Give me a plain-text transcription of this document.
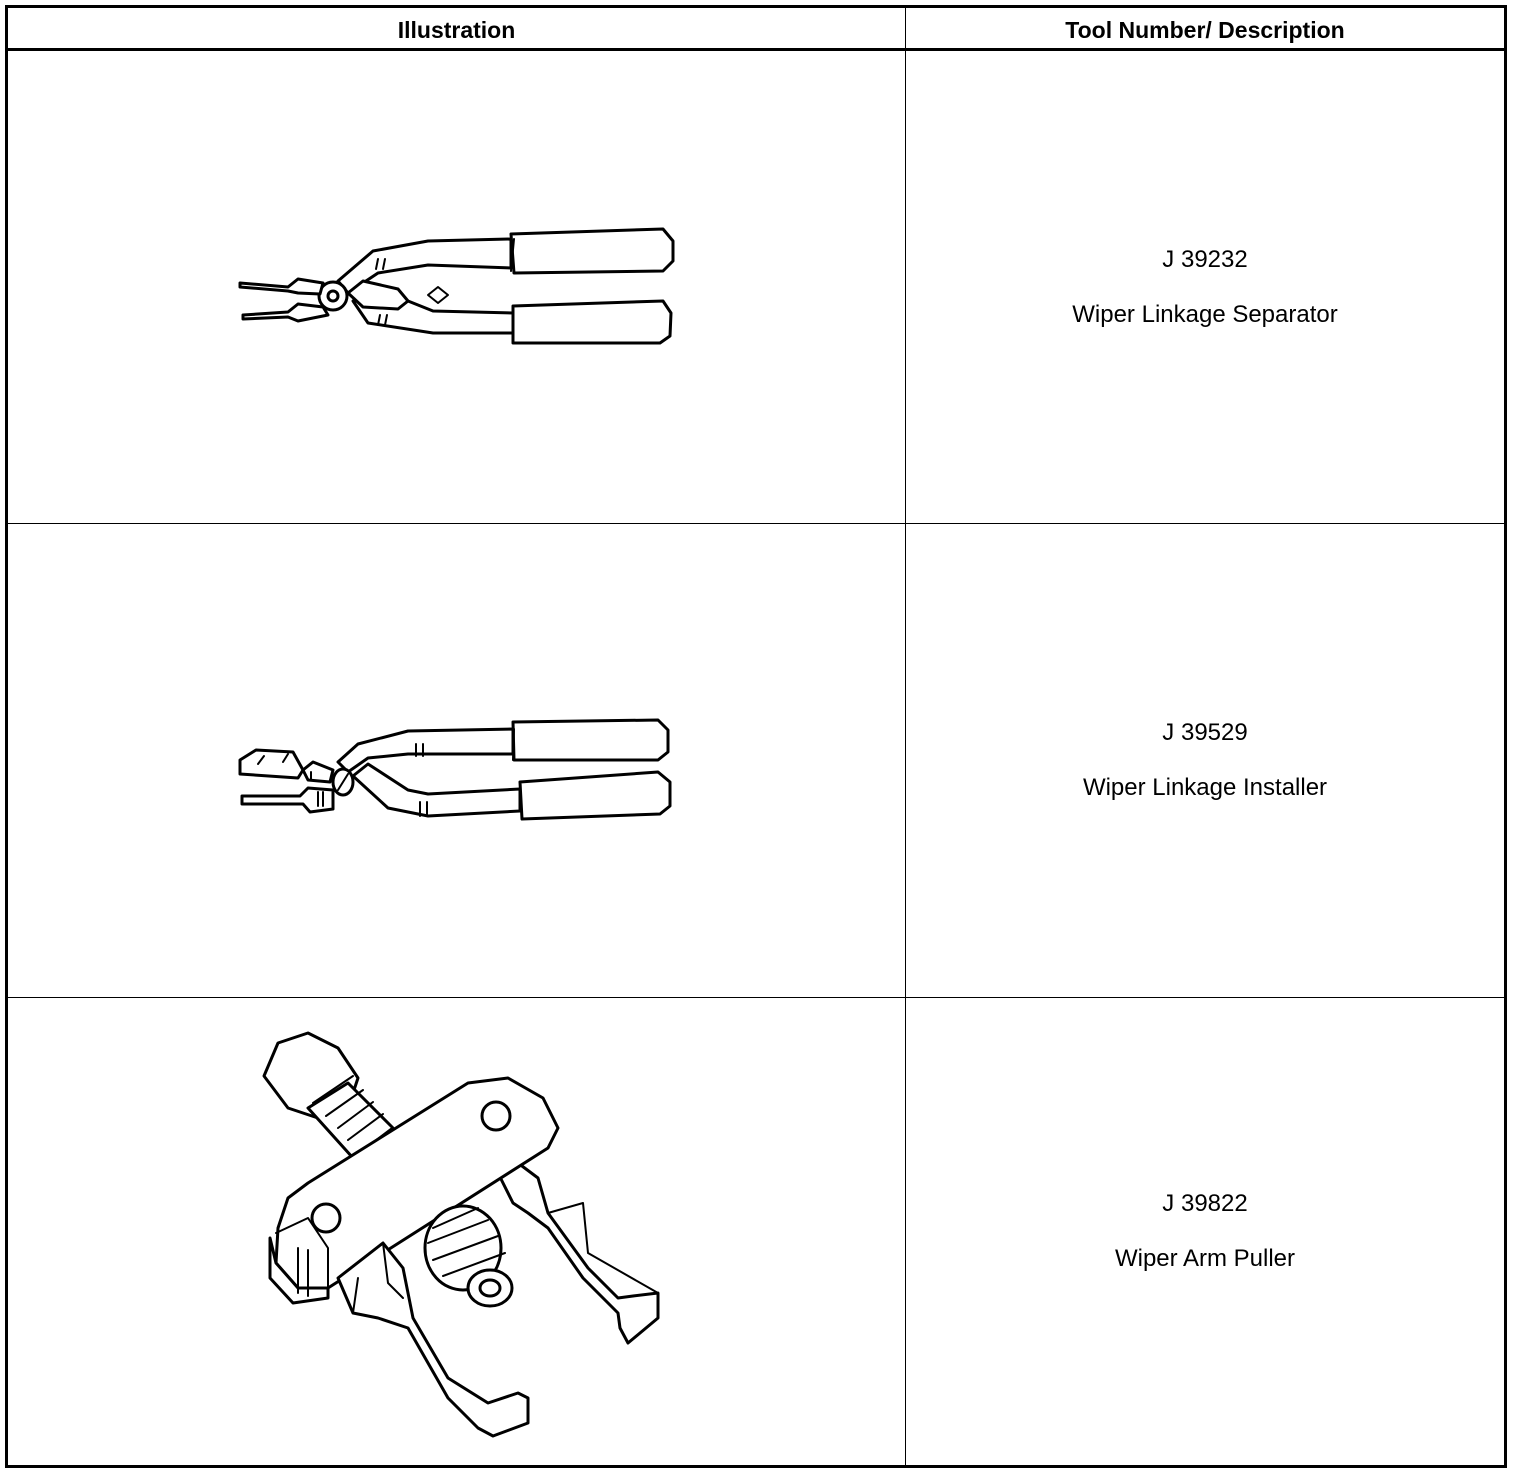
Illustration	Tool Number/ Description
J 39232
Wiper Linkage Separator
J 39529
Wiper Linkage Installer
J 39822
Wiper Arm Puller
